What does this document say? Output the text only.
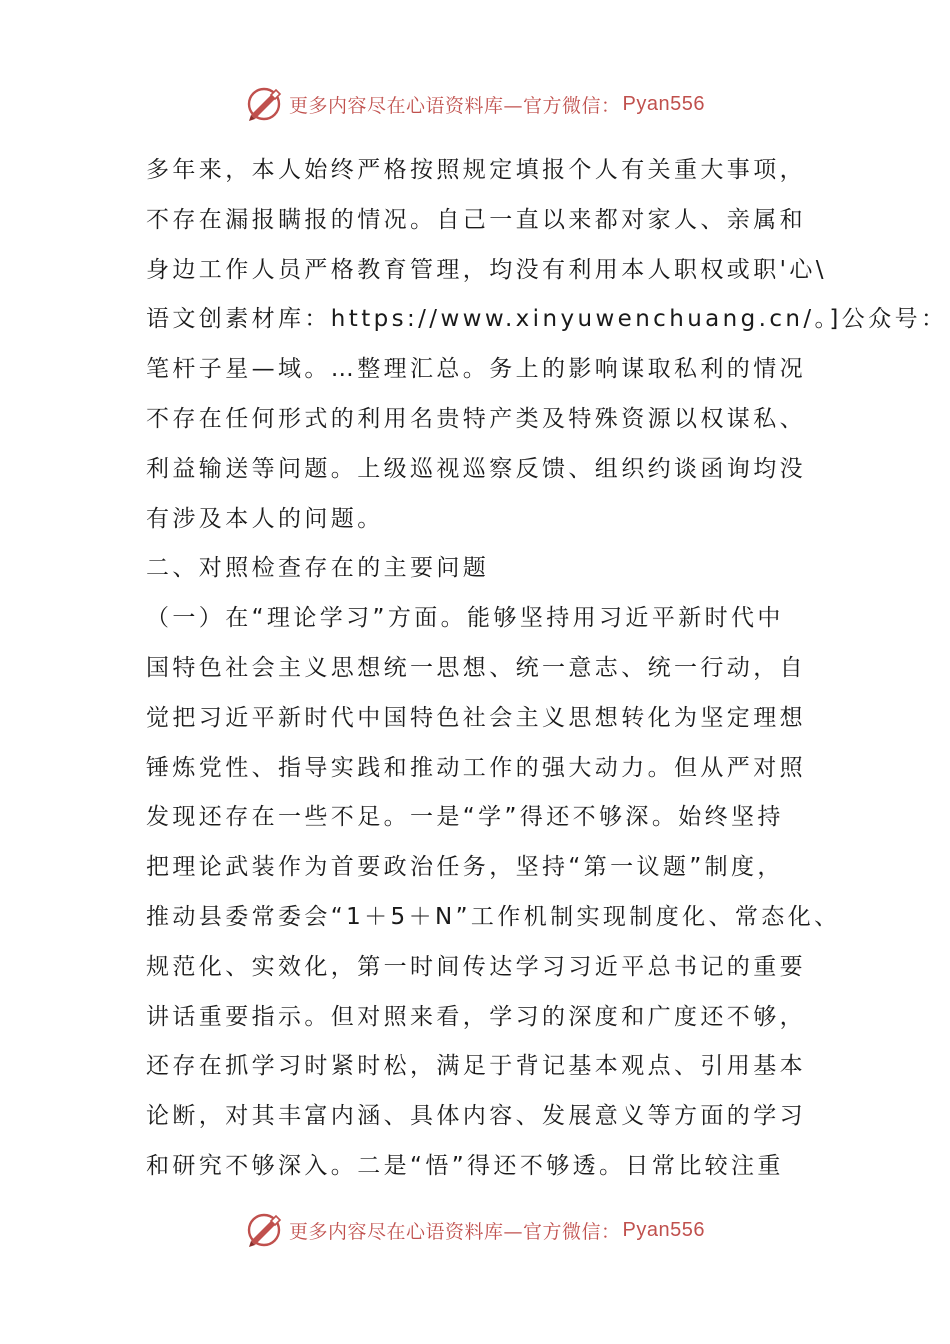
更多内容尽在心语资料库—官方微信： Pyan556
多年来，本人始终严格按照规定填报个人有关重大事项，
不存在漏报瞒报的情况。自己一直以来都对家人、亲属和
身边工作人员严格教育管理，均没有利用本人职权或职'心\
语文创素材库：https://www.xinyuwenchuang.cn/。]公众号：
笔杆子星—域。…整理汇总。务上的影响谋取私利的情况
不存在任何形式的利用名贵特产类及特殊资源以权谋私、
利益输送等问题。上级巡视巡察反馈、组织约谈函询均没
有涉及本人的问题。
二、对照检查存在的主要问题
（一）在“理论学习”方面。能够坚持用习近平新时代中
国特色社会主义思想统一思想、统一意志、统一行动，自
觉把习近平新时代中国特色社会主义思想转化为坚定理想
锤炼党性、指导实践和推动工作的强大动力。但从严对照
发现还存在一些不足。一是“学”得还不够深。始终坚持
把理论武装作为首要政治任务，坚持“第一议题”制度，
推动县委常委会“1＋5＋N”工作机制实现制度化、常态化、
规范化、实效化，第一时间传达学习习近平总书记的重要
讲话重要指示。但对照来看，学习的深度和广度还不够，
还存在抓学习时紧时松，满足于背记基本观点、引用基本
论断，对其丰富内涵、具体内容、发展意义等方面的学习
和研究不够深入。二是“悟”得还不够透。日常比较注重
更多内容尽在心语资料库—官方微信： Pyan556
